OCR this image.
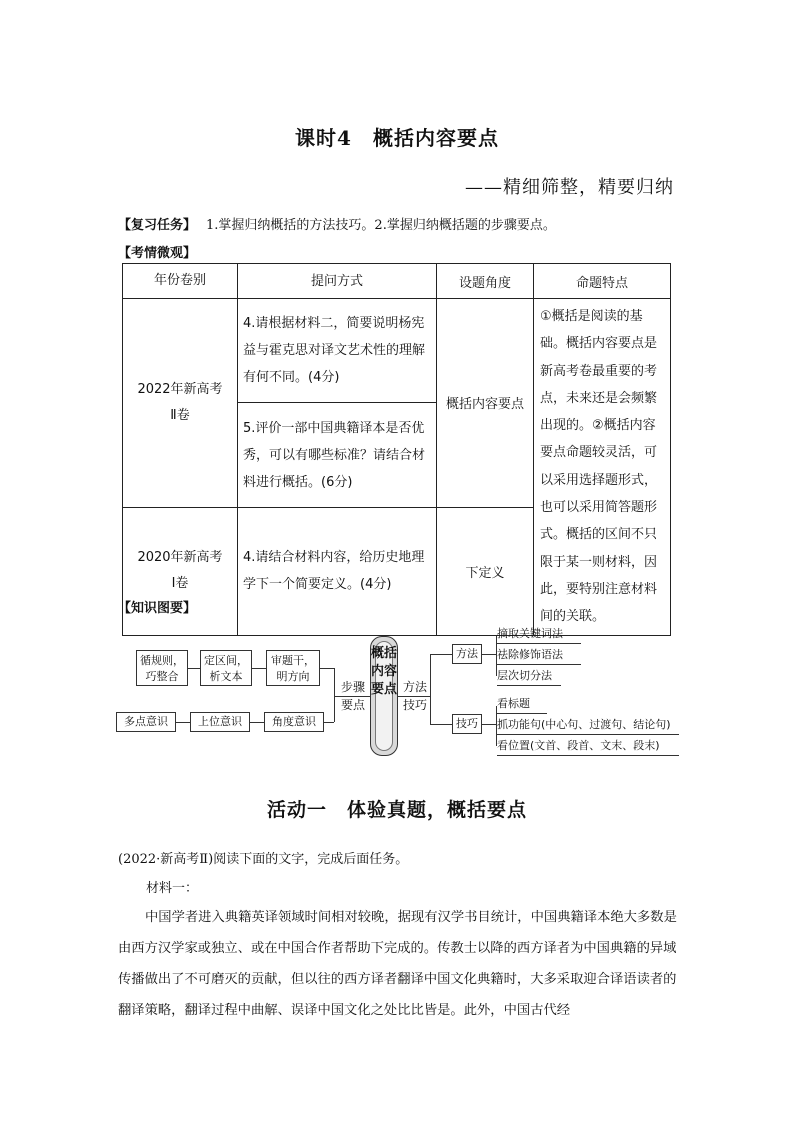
课时4　概括内容要点
——精细筛整，精要归纳
【复习任务】 1.掌握归纳概括的方法技巧。2.掌握归纳概括题的步骤要点。
【考情微观】
年份卷别	提问方式	设题角度	命题特点
2022年新高考Ⅱ卷	4.请根据材料二，简要说明杨宪益与霍克思对译文艺术性的理解有何不同。(4分)	概括内容要点	①概括是阅读的基础。概括内容要点是新高考卷最重要的考点，未来还是会频繁出现的。②概括内容要点命题较灵活，可以采用选择题形式，也可以采用简答题形式。概括的区间不只限于某一则材料，因此，要特别注意材料间的关联。
	5.评价一部中国典籍译本是否优秀，可以有哪些标准？请结合材料进行概括。(6分)		
2020年新高考Ⅰ卷	4.请结合材料内容，给历史地理学下一个简要定义。(4分)	下定义	
【知识图要】
循规则，巧整合
定区间，析文本
审题干，明方向
多点意识	上位意识	角度意识
步骤要点
概括内容要点 方法技巧
方法
摘取关键词法
祛除修饰语法
层次切分法
技巧
看标题
抓功能句(中心句、过渡句、结论句)
看位置(文首、段首、文末、段末)
活动一　体验真题，概括要点
(2022·新高考Ⅱ)阅读下面的文字，完成后面任务。
材料一：
中国学者进入典籍英译领域时间相对较晚，据现有汉学书目统计，中国典籍译本绝大多数是由西方汉学家或独立、或在中国合作者帮助下完成的。传教士以降的西方译者为中国典籍的异域传播做出了不可磨灭的贡献，但以往的西方译者翻译中国文化典籍时，大多采取迎合译语读者的翻译策略，翻译过程中曲解、误译中国文化之处比比皆是。此外，中国古代经
